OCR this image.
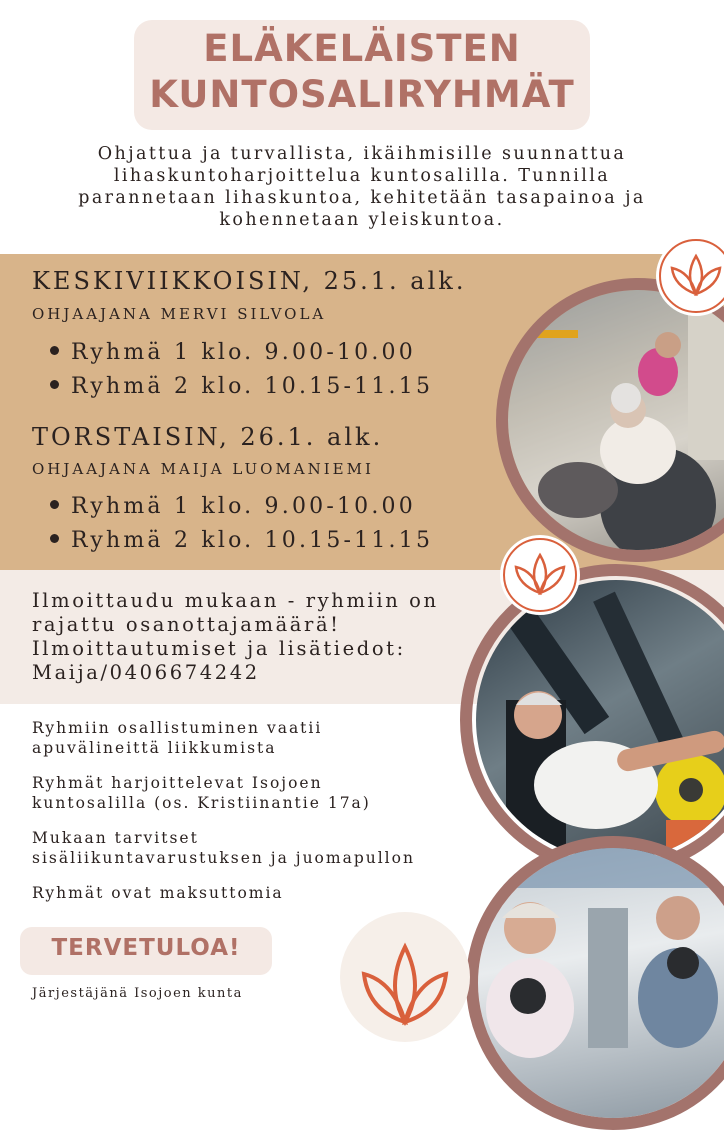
ELÄKELÄISTEN
KUNTOSALIRYHMÄT
Ohjattua ja turvallista, ikäihmisille suunnattua
lihaskuntoharjoittelua kuntosalilla. Tunnilla
parannetaan lihaskuntoa, kehitetään tasapainoa ja
kohennetaan yleiskuntoa.
KESKIVIIKKOISIN, 25.1. alk.
OHJAAJANA MERVI SILVOLA
Ryhmä 1 klo. 9.00-10.00
Ryhmä 2 klo. 10.15-11.15
TORSTAISIN, 26.1. alk.
OHJAAJANA MAIJA LUOMANIEMI
Ryhmä 1 klo. 9.00-10.00
Ryhmä 2 klo. 10.15-11.15
Ilmoittaudu mukaan - ryhmiin on
rajattu osanottajamäärä!
Ilmoittautumiset ja lisätiedot:
Maija/0406674242
Ryhmiin osallistuminen vaatii
apuvälineittä liikkumista
Ryhmät harjoittelevat Isojoen
kuntosalilla (os. Kristiinantie 17a)
Mukaan tarvitset
sisäliikuntavarustuksen ja juomapullon
Ryhmät ovat maksuttomia
TERVETULOA!
Järjestäjänä Isojoen kunta
